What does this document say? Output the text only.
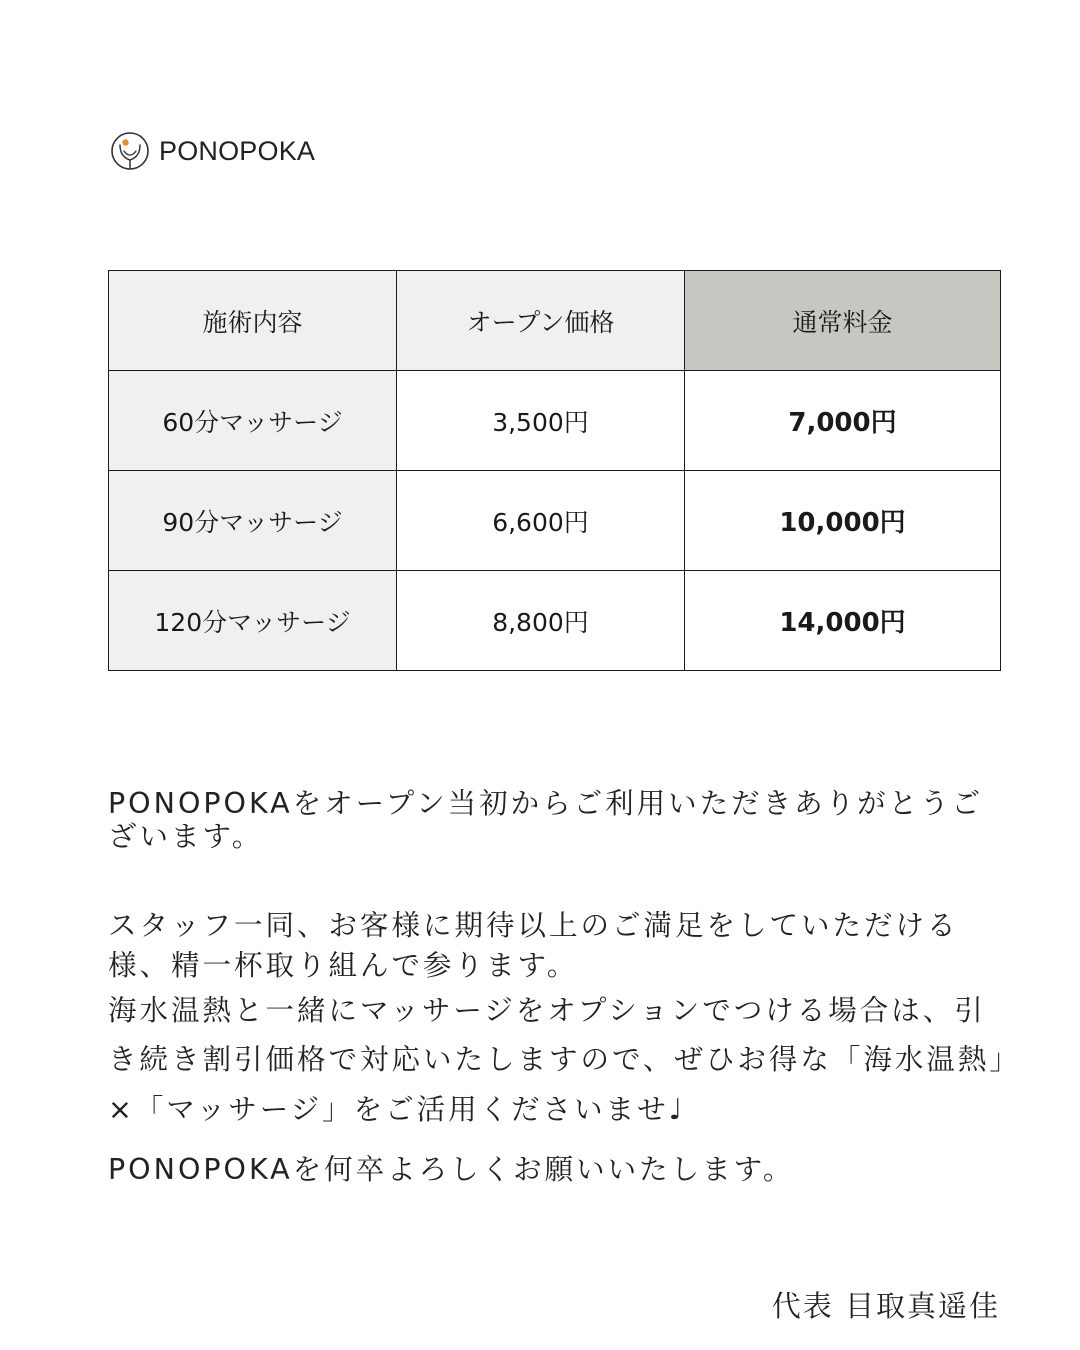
PONOPOKA
施術内容	オープン価格	通常料金
60分マッサージ	3,500円	7,000円
90分マッサージ	6,600円	10,000円
120分マッサージ	8,800円	14,000円

PONOPOKAをオープン当初からご利用いただきありがとうございます。

スタッフ一同、お客様に期待以上のご満足をしていただける様、精一杯取り組んで参ります。

海水温熱と一緒にマッサージをオプションでつける場合は、引き続き割引価格で対応いたしますので、ぜひお得な「海水温熱」×「マッサージ」をご活用くださいませ♩

PONOPOKAを何卒よろしくお願いいたします。

代表 目取真遥佳
